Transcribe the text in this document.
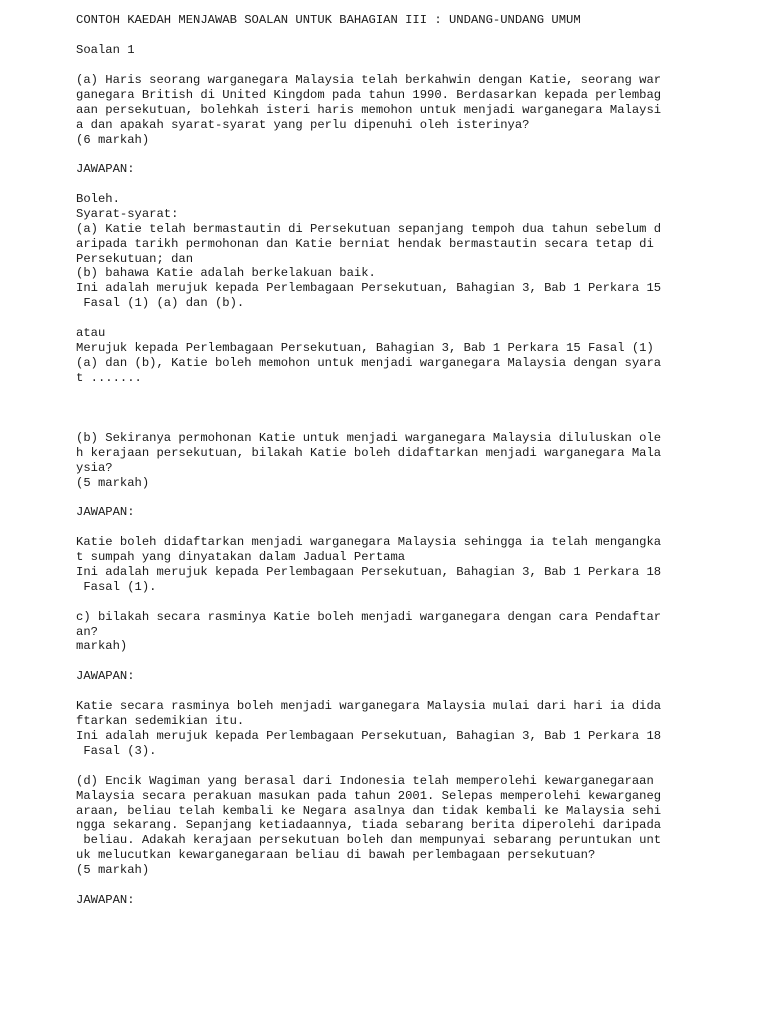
CONTOH KAEDAH MENJAWAB SOALAN UNTUK BAHAGIAN III : UNDANG-UNDANG UMUM

Soalan 1

(a) Haris seorang warganegara Malaysia telah berkahwin dengan Katie, seorang war

ganegara British di United Kingdom pada tahun 1990. Berdasarkan kepada perlembag

aan persekutuan, bolehkah isteri haris memohon untuk menjadi warganegara Malaysi

a dan apakah syarat-syarat yang perlu dipenuhi oleh isterinya?

(6 markah)

JAWAPAN:

Boleh.

Syarat-syarat:

(a) Katie telah bermastautin di Persekutuan sepanjang tempoh dua tahun sebelum d

aripada tarikh permohonan dan Katie berniat hendak bermastautin secara tetap di

Persekutuan; dan

(b) bahawa Katie adalah berkelakuan baik.

Ini adalah merujuk kepada Perlembagaan Persekutuan, Bahagian 3, Bab 1 Perkara 15

Fasal (1) (a) dan (b).

atau

Merujuk kepada Perlembagaan Persekutuan, Bahagian 3, Bab 1 Perkara 15 Fasal (1)

(a) dan (b), Katie boleh memohon untuk menjadi warganegara Malaysia dengan syara

t .......

(b) Sekiranya permohonan Katie untuk menjadi warganegara Malaysia diluluskan ole

h kerajaan persekutuan, bilakah Katie boleh didaftarkan menjadi warganegara Mala

ysia?

(5 markah)

JAWAPAN:

Katie boleh didaftarkan menjadi warganegara Malaysia sehingga ia telah mengangka

t sumpah yang dinyatakan dalam Jadual Pertama

Ini adalah merujuk kepada Perlembagaan Persekutuan, Bahagian 3, Bab 1 Perkara 18

Fasal (1).

c) bilakah secara rasminya Katie boleh menjadi warganegara dengan cara Pendaftar

an?

markah)

JAWAPAN:

Katie secara rasminya boleh menjadi warganegara Malaysia mulai dari hari ia dida

ftarkan sedemikian itu.

Ini adalah merujuk kepada Perlembagaan Persekutuan, Bahagian 3, Bab 1 Perkara 18

Fasal (3).

(d) Encik Wagiman yang berasal dari Indonesia telah memperolehi kewarganegaraan

Malaysia secara perakuan masukan pada tahun 2001. Selepas memperolehi kewarganeg

araan, beliau telah kembali ke Negara asalnya dan tidak kembali ke Malaysia sehi

ngga sekarang. Sepanjang ketiadaannya, tiada sebarang berita diperolehi daripada

beliau. Adakah kerajaan persekutuan boleh dan mempunyai sebarang peruntukan unt

uk melucutkan kewarganegaraan beliau di bawah perlembagaan persekutuan?

(5 markah)

JAWAPAN:
